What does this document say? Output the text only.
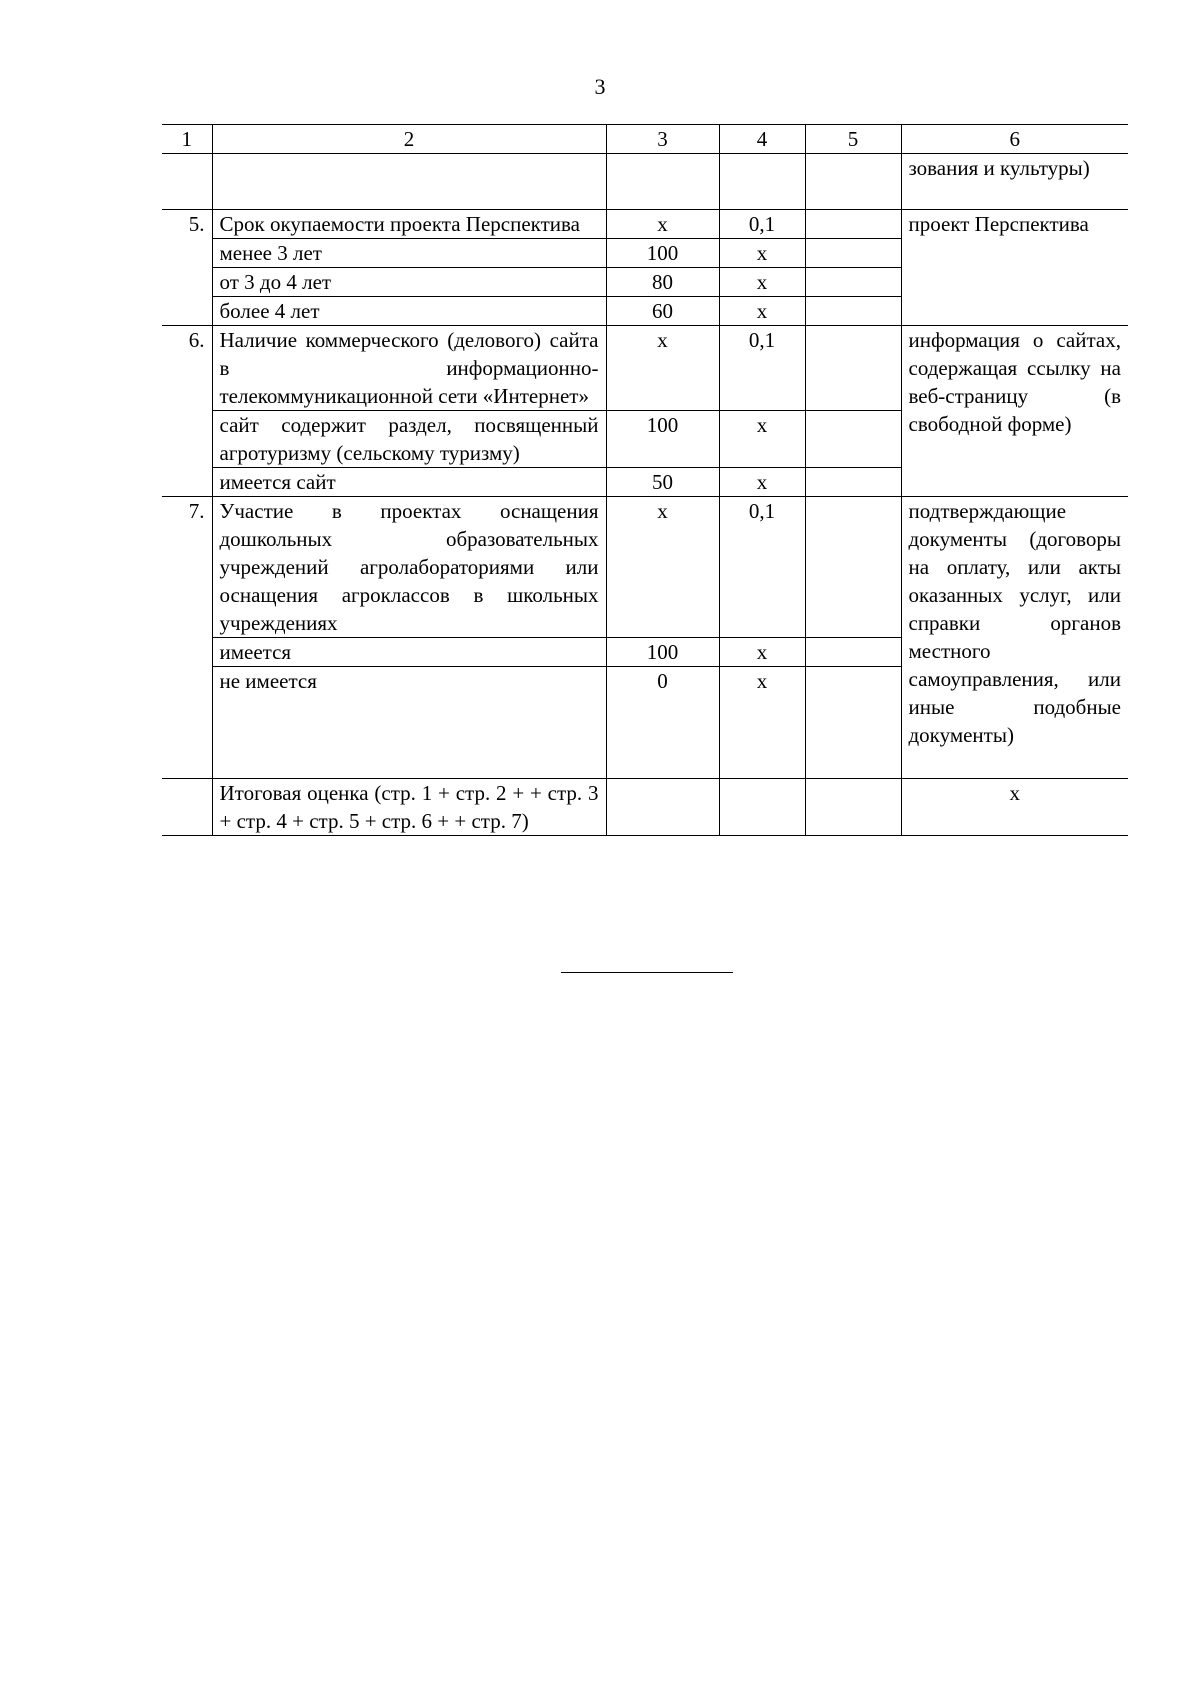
3
1	2	3	4	5	6
					зования и культуры)
5.	Срок окупаемости проекта Перспектива	х	0,1		проект Перспектива
	менее 3 лет	100	х		
	от 3 до 4 лет	80	х		
	более 4 лет	60	х		
6.	Наличие коммерческого (делового) сайта в информационно-телекоммуникационной сети «Интернет»	х	0,1		информация о сайтах, содержащая ссылку на веб-страницу (в свободной форме)
	сайт содержит раздел, посвященный агротуризму (сельскому туризму)	100	х		
	имеется сайт	50	х		
7.	Участие в проектах оснащения дошкольных образовательных учреждений агролабораториями или оснащения агроклассов в школьных учреждениях	х	0,1		подтверждающие документы (договоры на оплату, или акты оказанных услуг, или справки органов местного самоуправления, или иные подобные документы)
	имеется	100	х		
	не имеется	0	х		
	Итоговая оценка (стр. 1 + стр. 2 + + стр. 3 + стр. 4 + стр. 5 + стр. 6 + + стр. 7)				х
